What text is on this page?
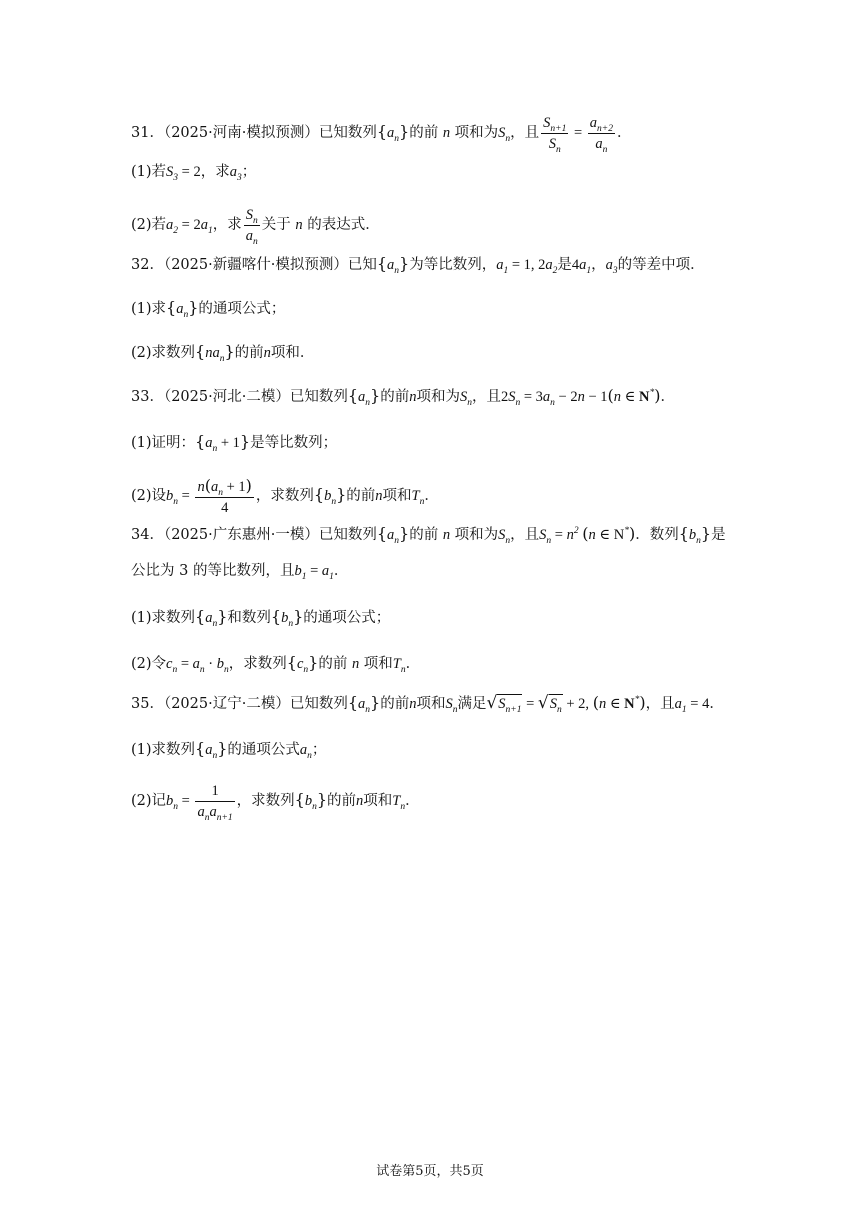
31．（2025·河南·模拟预测）已知数列$\{a_n\}$的前 n 项和为$S_n$，且 $\frac{S_{n+1}}{S_n} = \frac{a_{n+2}}{a_n}$ ．
(1)若$S_3 = 2$，求$a_3$；
(2)若$a_2 = 2a_1$，求 $\frac{S_n}{a_n}$ 关于 n 的表达式．
32．（2025·新疆喀什·模拟预测）已知$\{a_n\}$为等比数列，$a_1 = 1$, $2a_2$是$4a_1$，$a_3$的等差中项．
(1)求$\{a_n\}$的通项公式；
(2)求数列$\{na_n\}$的前n项和．
33．（2025·河北·二模）已知数列$\{a_n\}$的前n项和为$S_n$，且$2S_n = 3a_n - 2n - 1(n$ ∈ N*)．
(1)证明：$\{a_n + 1\}$是等比数列；
(2)设$b_n = \frac{n(a_n + 1)}{4}$ ，求数列$\{b_n\}$的前n项和$T_n$．
34．（2025·广东惠州·一模）已知数列$\{a_n\}$的前 n 项和为$S_n$，且$S_n = n^2$ (n ∈ N*)．数列$\{b_n\}$是
公比为 3 的等比数列，且$b_1 = a_1$．
(1)求数列$\{a_n\}$和数列$\{b_n\}$的通项公式；
(2)令$c_n = a_n \cdot b_n$，求数列$\{c_n\}$的前 n 项和$T_n$．
35．（2025·辽宁·二模）已知数列$\{a_n\}$的前n项和$S_n$满足$√S_{n+1} = √S_n + 2$, (n ∈ N*)，且$a_1 = 4$．
(1)求数列$\{a_n\}$的通项公式$a_n$；
(2)记$b_n = \frac{1}{a_na_{n+1}}$ ，求数列$\{b_n\}$的前n项和$T_n$．
试卷第5页，共5页
